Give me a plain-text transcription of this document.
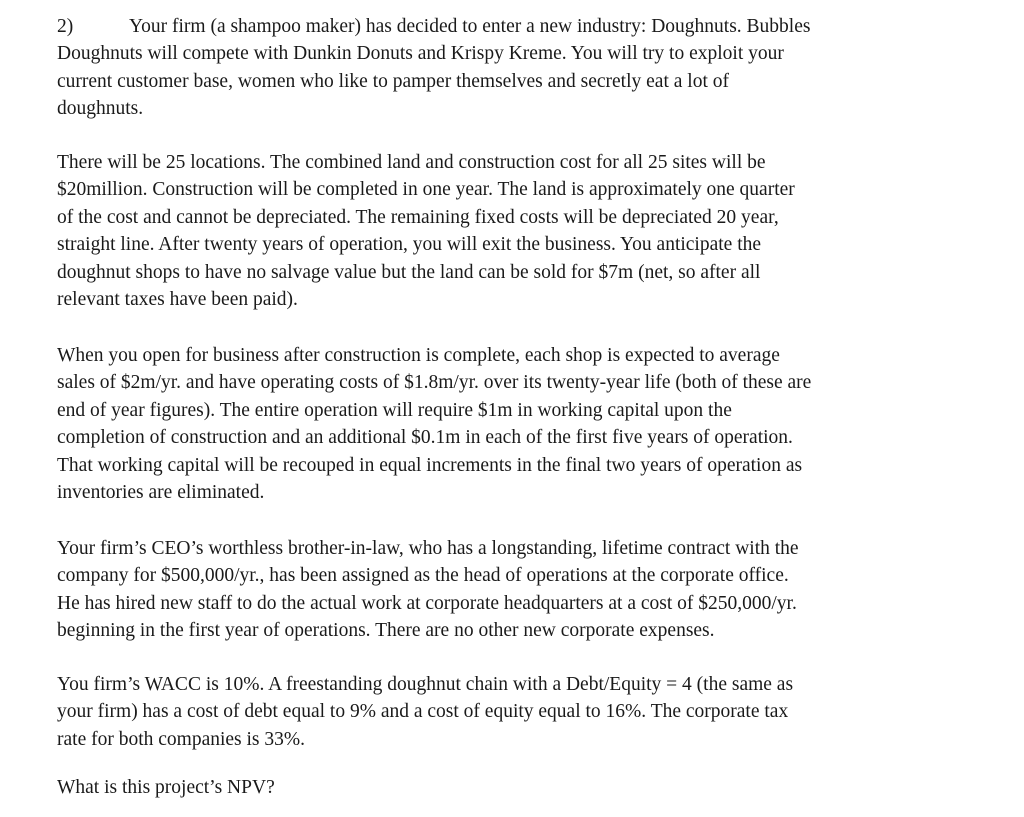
2)	Your firm (a shampoo maker) has decided to enter a new industry: Doughnuts. Bubbles
Doughnuts will compete with Dunkin Donuts and Krispy Kreme. You will try to exploit your
current customer base, women who like to pamper themselves and secretly eat a lot of
doughnuts.
There will be 25 locations. The combined land and construction cost for all 25 sites will be
$20million. Construction will be completed in one year. The land is approximately one quarter
of the cost and cannot be depreciated. The remaining fixed costs will be depreciated 20 year,
straight line. After twenty years of operation, you will exit the business. You anticipate the
doughnut shops to have no salvage value but the land can be sold for $7m (net, so after all
relevant taxes have been paid).
When you open for business after construction is complete, each shop is expected to average
sales of $2m/yr. and have operating costs of $1.8m/yr. over its twenty-year life (both of these are
end of year figures). The entire operation will require $1m in working capital upon the
completion of construction and an additional $0.1m in each of the first five years of operation.
That working capital will be recouped in equal increments in the final two years of operation as
inventories are eliminated.
Your firm’s CEO’s worthless brother-in-law, who has a longstanding, lifetime contract with the
company for $500,000/yr., has been assigned as the head of operations at the corporate office.
He has hired new staff to do the actual work at corporate headquarters at a cost of $250,000/yr.
beginning in the first year of operations. There are no other new corporate expenses.
You firm’s WACC is 10%. A freestanding doughnut chain with a Debt/Equity = 4 (the same as
your firm) has a cost of debt equal to 9% and a cost of equity equal to 16%. The corporate tax
rate for both companies is 33%.
What is this project’s NPV?
